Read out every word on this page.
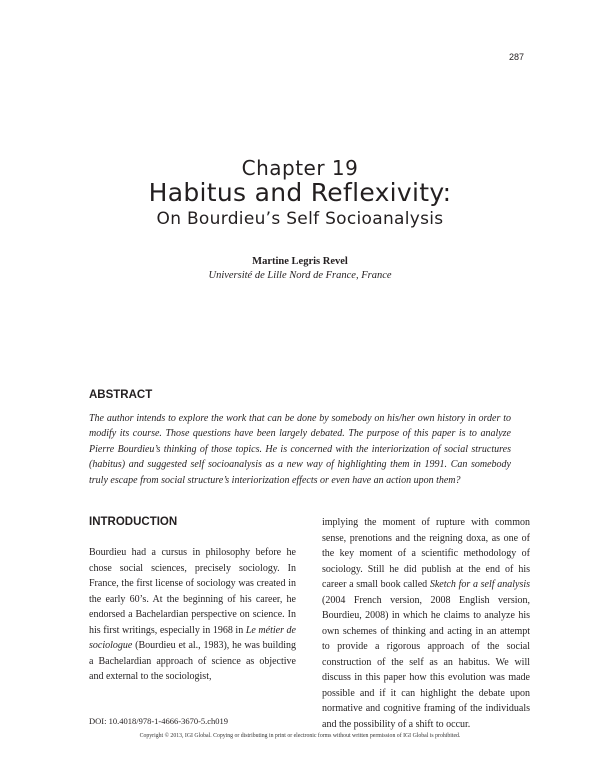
287
Chapter 19
Habitus and Reflexivity:
On Bourdieu’s Self Socioanalysis
Martine Legris Revel
Université de Lille Nord de France, France
ABSTRACT

The author intends to explore the work that can be done by somebody on his/her own history in order to modify its course. Those questions have been largely debated. The purpose of this paper is to analyze Pierre Bourdieu’s thinking of those topics. He is concerned with the interiorization of social structures (habitus) and suggested self socioanalysis as a new way of highlighting them in 1991. Can somebody truly escape from social structure’s interiorization effects or even have an action upon them?

INTRODUCTION

Bourdieu had a cursus in philosophy before he chose social sciences, precisely sociology. In France, the first license of sociology was created in the early 60’s. At the beginning of his career, he endorsed a Bachelardian perspective on science. In his first writings, especially in 1968 in Le métier de sociologue (Bourdieu et al., 1983), he was building a Bachelardian approach of science as objective and external to the sociologist,

implying the moment of rupture with common sense, prenotions and the reigning doxa, as one of the key moment of a scientific methodology of sociology. Still he did publish at the end of his career a small book called Sketch for a self analysis (2004 French version, 2008 English version, Bourdieu, 2008) in which he claims to analyze his own schemes of thinking and acting in an attempt to provide a rigorous approach of the social construction of the self as an habitus. We will discuss in this paper how this evolution was made possible and if it can highlight the debate upon normative and cognitive framing of the individuals and the possibility of a shift to occur.

DOI: 10.4018/978-1-4666-3670-5.ch019
Copyright © 2013, IGI Global. Copying or distributing in print or electronic forms without written permission of IGI Global is prohibited.
